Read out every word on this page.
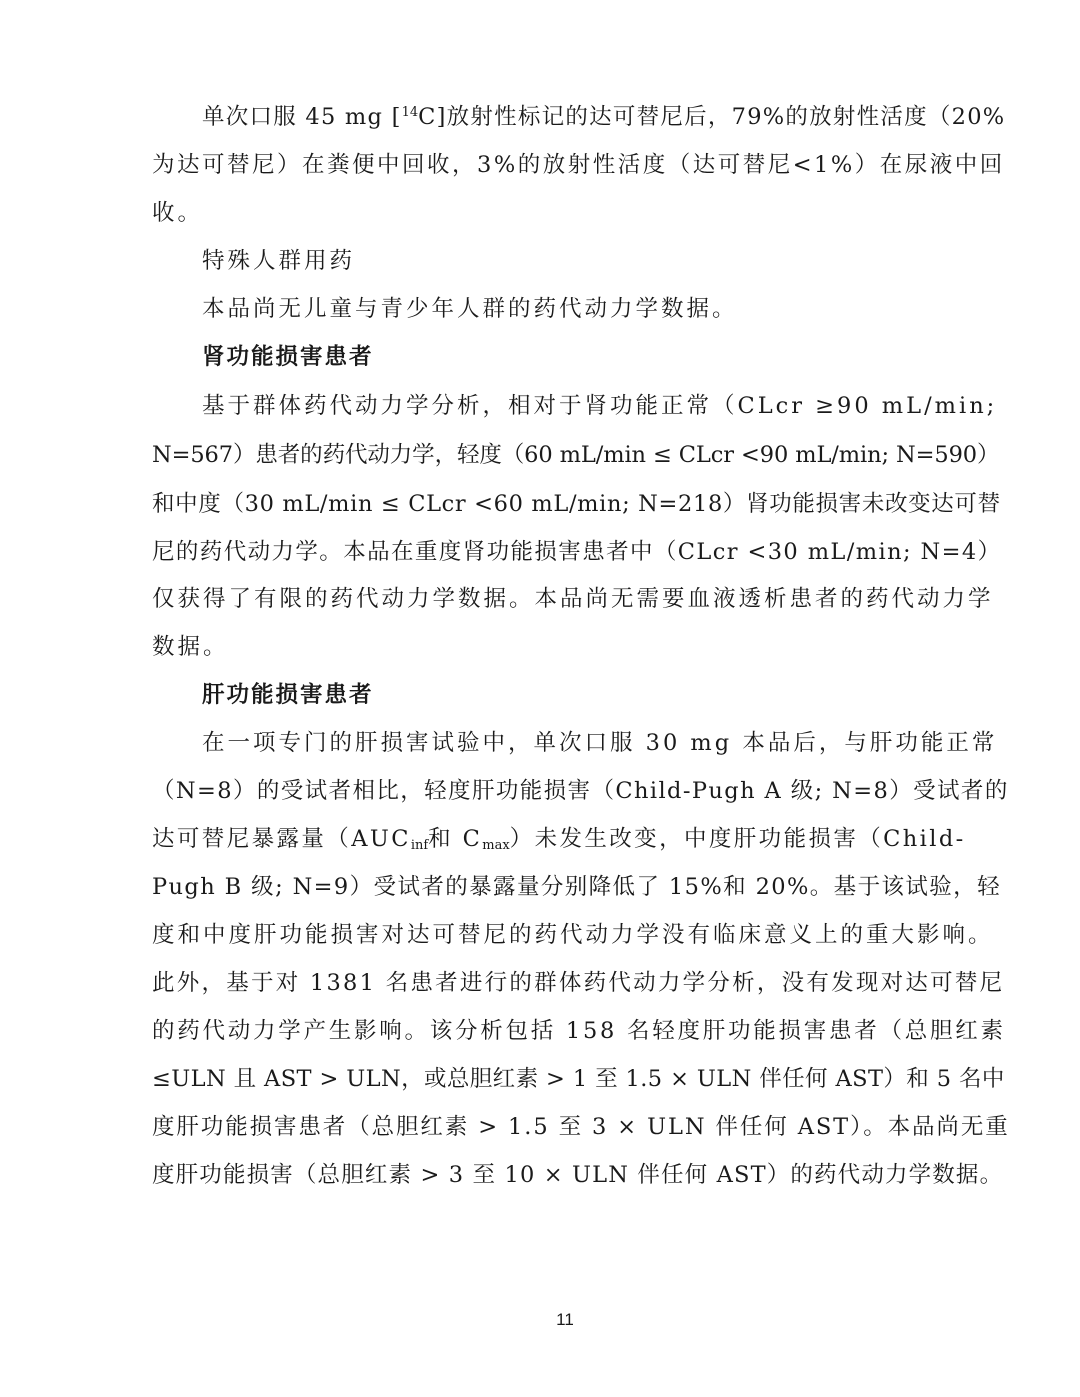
单次口服 45 mg [$^{14}$C]放射性标记的达可替尼后，79%的放射性活度（20%
为达可替尼）在粪便中回收，3%的放射性活度（达可替尼<1%）在尿液中回
收。
特殊人群用药
本品尚无儿童与青少年人群的药代动力学数据。
肾功能损害患者
基于群体药代动力学分析，相对于肾功能正常（CLcr ≥90 mL/min;
N=567）患者的药代动力学，轻度（60 mL/min ≤ CLcr <90 mL/min; N=590）
和中度（30 mL/min ≤ CLcr <60 mL/min; N=218）肾功能损害未改变达可替
尼的药代动力学。本品在重度肾功能损害患者中（CLcr <30 mL/min; N=4）
仅获得了有限的药代动力学数据。本品尚无需要血液透析患者的药代动力学
数据。
肝功能损害患者
在一项专门的肝损害试验中，单次口服 30 mg 本品后，与肝功能正常
（N=8）的受试者相比，轻度肝功能损害（Child-Pugh A 级; N=8）受试者的
达可替尼暴露量（$AUC_{inf}$和 $C_{max}$）未发生改变，中度肝功能损害（Child-
Pugh B 级; N=9）受试者的暴露量分别降低了 15%和 20%。基于该试验，轻
度和中度肝功能损害对达可替尼的药代动力学没有临床意义上的重大影响。
此外，基于对 1381 名患者进行的群体药代动力学分析，没有发现对达可替尼
的药代动力学产生影响。该分析包括 158 名轻度肝功能损害患者（总胆红素
≤ULN 且 AST > ULN，或总胆红素 > 1 至 1.5 × ULN 伴任何 AST）和 5 名中
度肝功能损害患者（总胆红素 > 1.5 至 3 × ULN 伴任何 AST）。本品尚无重
度肝功能损害（总胆红素 > 3 至 10 × ULN 伴任何 AST）的药代动力学数据。
11
